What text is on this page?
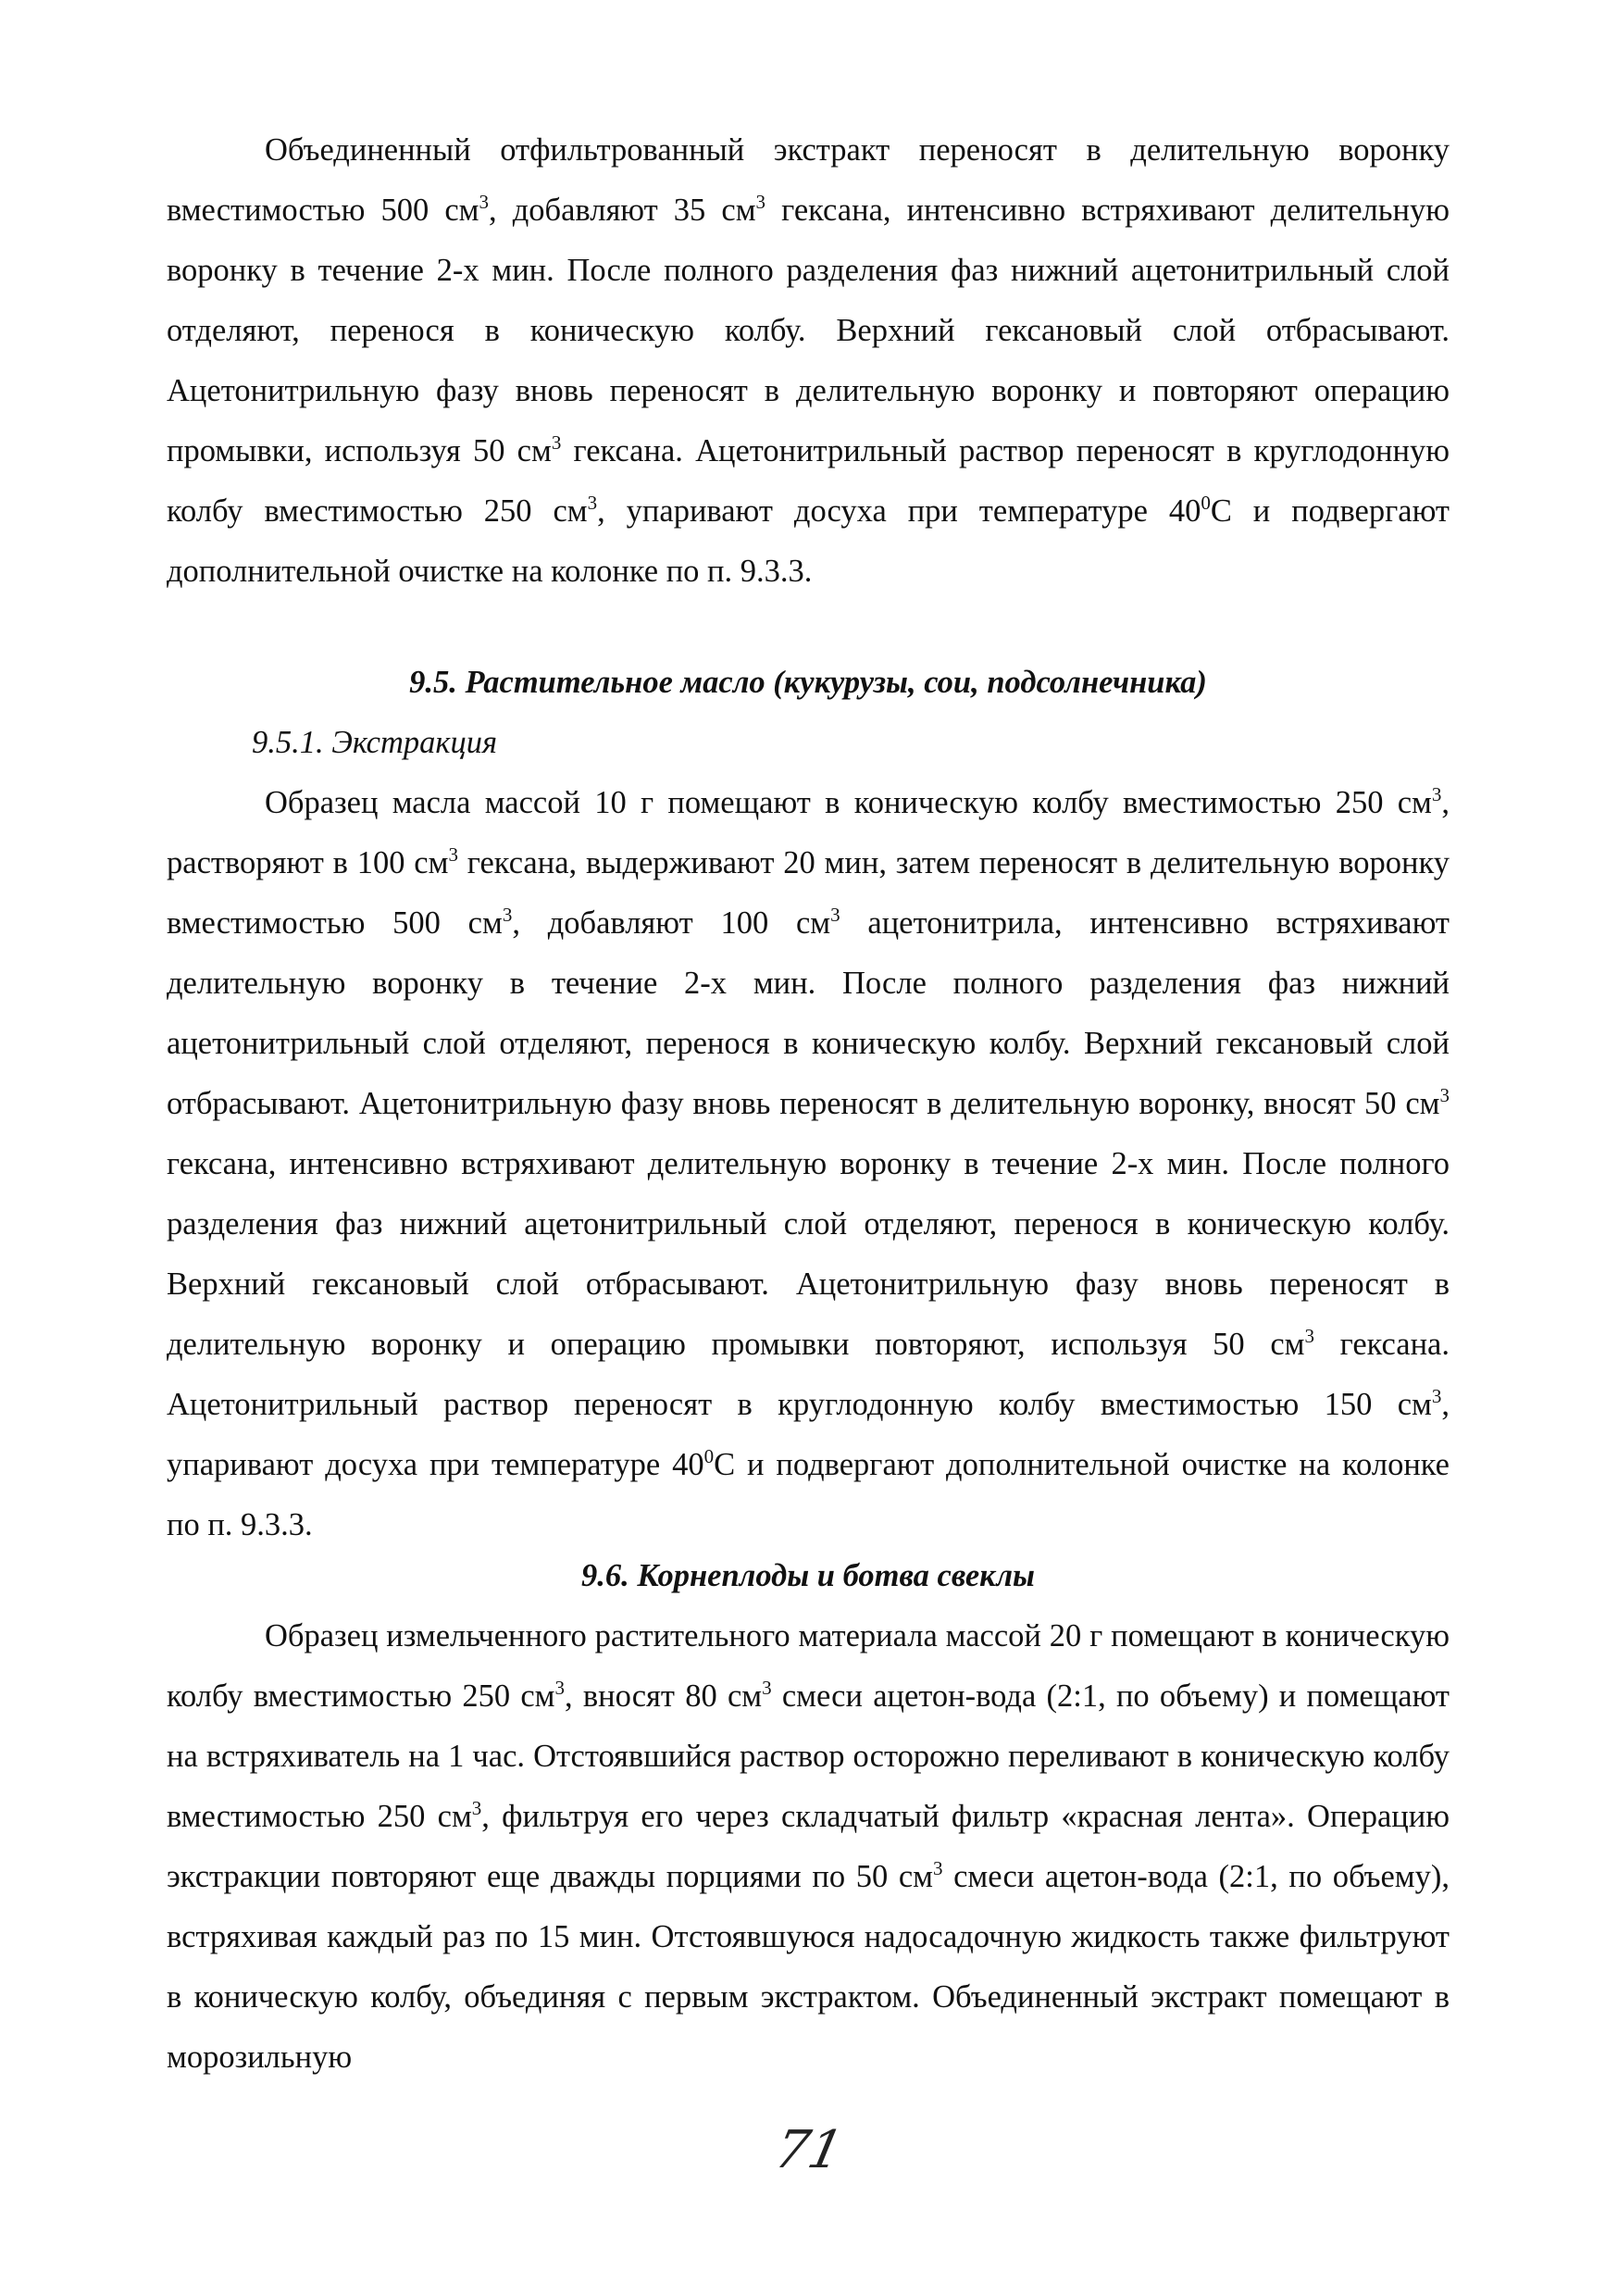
Объединенный отфильтрованный экстракт переносят в делительную воронку вместимостью 500 $см^3$, добавляют 35 $см^3$ гексана, интенсивно встряхивают делительную воронку в течение 2-х мин. После полного разделения фаз нижний ацетонитрильный слой отделяют, перенося в коническую колбу. Верхний гексановый слой отбрасывают. Ацетонитрильную фазу вновь переносят в делительную воронку и повторяют операцию промывки, используя 50 $см^3$ гексана. Ацетонитрильный раствор переносят в круглодонную колбу вместимостью 250 $см^3$, упаривают досуха при температуре $40^0С$ и подвергают дополнительной очистке на колонке по п. 9.3.3.

9.5. Растительное масло (кукурузы, сои, подсолнечника)

9.5.1. Экстракция

Образец масла массой 10 г помещают в коническую колбу вместимостью 250 $см^3$, растворяют в 100 $см^3$ гексана, выдерживают 20 мин, затем переносят в делительную воронку вместимостью 500 $см^3$, добавляют 100 $см^3$ ацетонитрила, интенсивно встряхивают делительную воронку в течение 2-х мин. После полного разделения фаз нижний ацетонитрильный слой отделяют, перенося в коническую колбу. Верхний гексановый слой отбрасывают. Ацетонитрильную фазу вновь переносят в делительную воронку, вносят 50 $см^3$ гексана, интенсивно встряхивают делительную воронку в течение 2-х мин. После полного разделения фаз нижний ацетонитрильный слой отделяют, перенося в коническую колбу. Верхний гексановый слой отбрасывают. Ацетонитрильную фазу вновь переносят в делительную воронку и операцию промывки повторяют, используя 50 $см^3$ гексана. Ацетонитрильный раствор переносят в круглодонную колбу вместимостью 150 $см^3$, упаривают досуха при температуре $40^0С$ и подвергают дополнительной очистке на колонке по п. 9.3.3.

9.6. Корнеплоды и ботва свеклы

Образец измельченного растительного материала массой 20 г помещают в коническую колбу вместимостью 250 $см^3$, вносят 80 $см^3$ смеси ацетон-вода (2:1, по объему) и помещают на встряхиватель на 1 час. Отстоявшийся раствор осторожно переливают в коническую колбу вместимостью 250 $см^3$, фильтруя его через складчатый фильтр «красная лента». Операцию экстракции повторяют еще дважды порциями по 50 $см^3$ смеси ацетон-вода (2:1, по объему), встряхивая каждый раз по 15 мин. Отстоявшуюся надосадочную жидкость также фильтруют в коническую колбу, объединяя с первым экстрактом. Объединенный экстракт помещают в морозильную

71
